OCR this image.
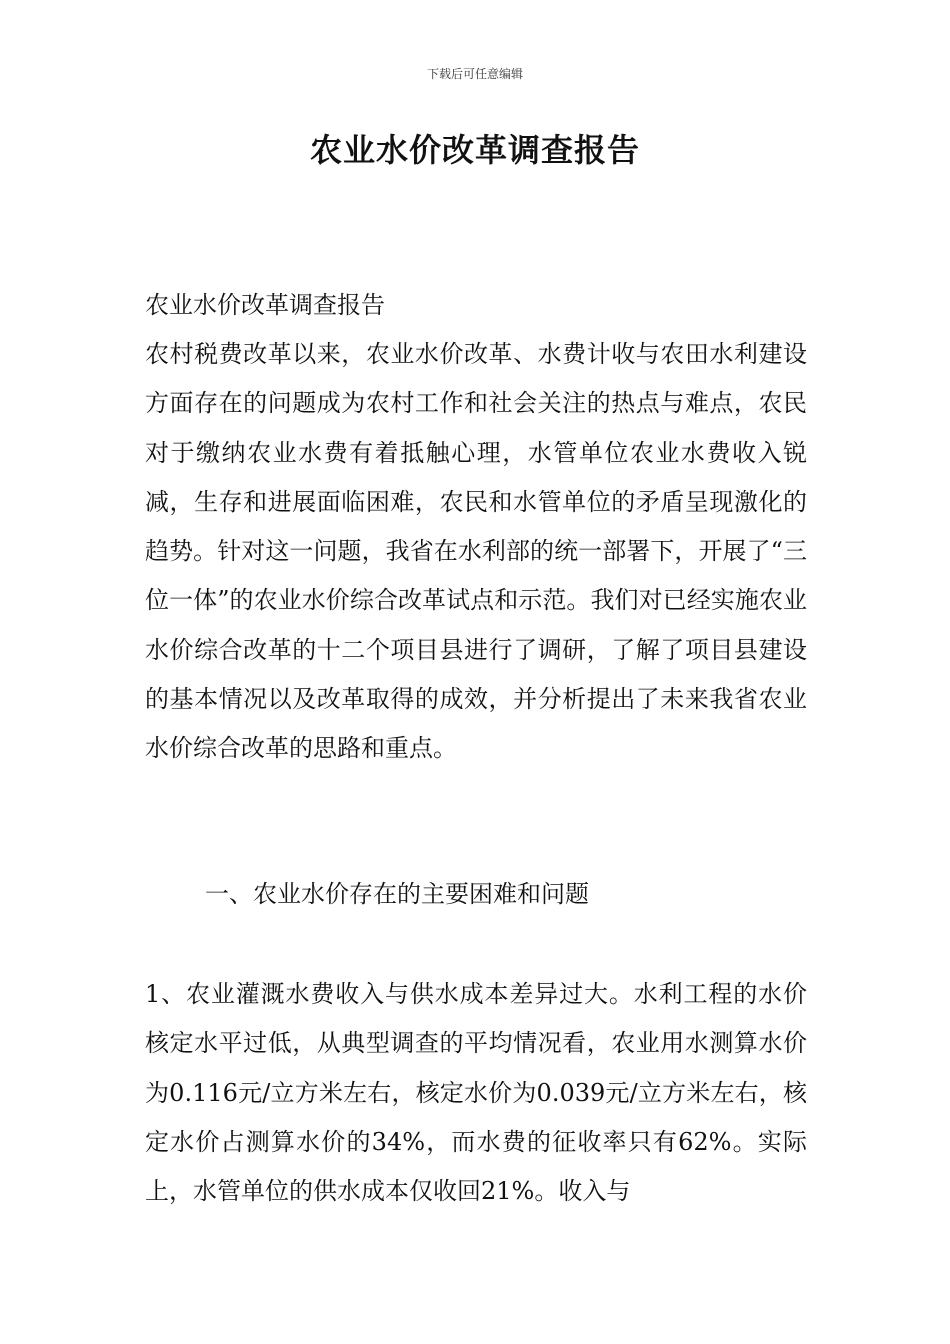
下载后可任意编辑
农业水价改革调查报告
农业水价改革调查报告
农村税费改革以来，农业水价改革、水费计收与农田水利建设方面存在的问题成为农村工作和社会关注的热点与难点，农民对于缴纳农业水费有着抵触心理，水管单位农业水费收入锐减，生存和进展面临困难，农民和水管单位的矛盾呈现激化的趋势。针对这一问题，我省在水利部的统一部署下，开展了“三位一体”的农业水价综合改革试点和示范。我们对已经实施农业水价综合改革的十二个项目县进行了调研，了解了项目县建设的基本情况以及改革取得的成效，并分析提出了未来我省农业水价综合改革的思路和重点。
一、农业水价存在的主要困难和问题
1、农业灌溉水费收入与供水成本差异过大。水利工程的水价核定水平过低，从典型调查的平均情况看，农业用水测算水价为0.116元/立方米左右，核定水价为0.039元/立方米左右，核定水价占测算水价的34%，而水费的征收率只有62%。实际上，水管单位的供水成本仅收回21%。收入与
